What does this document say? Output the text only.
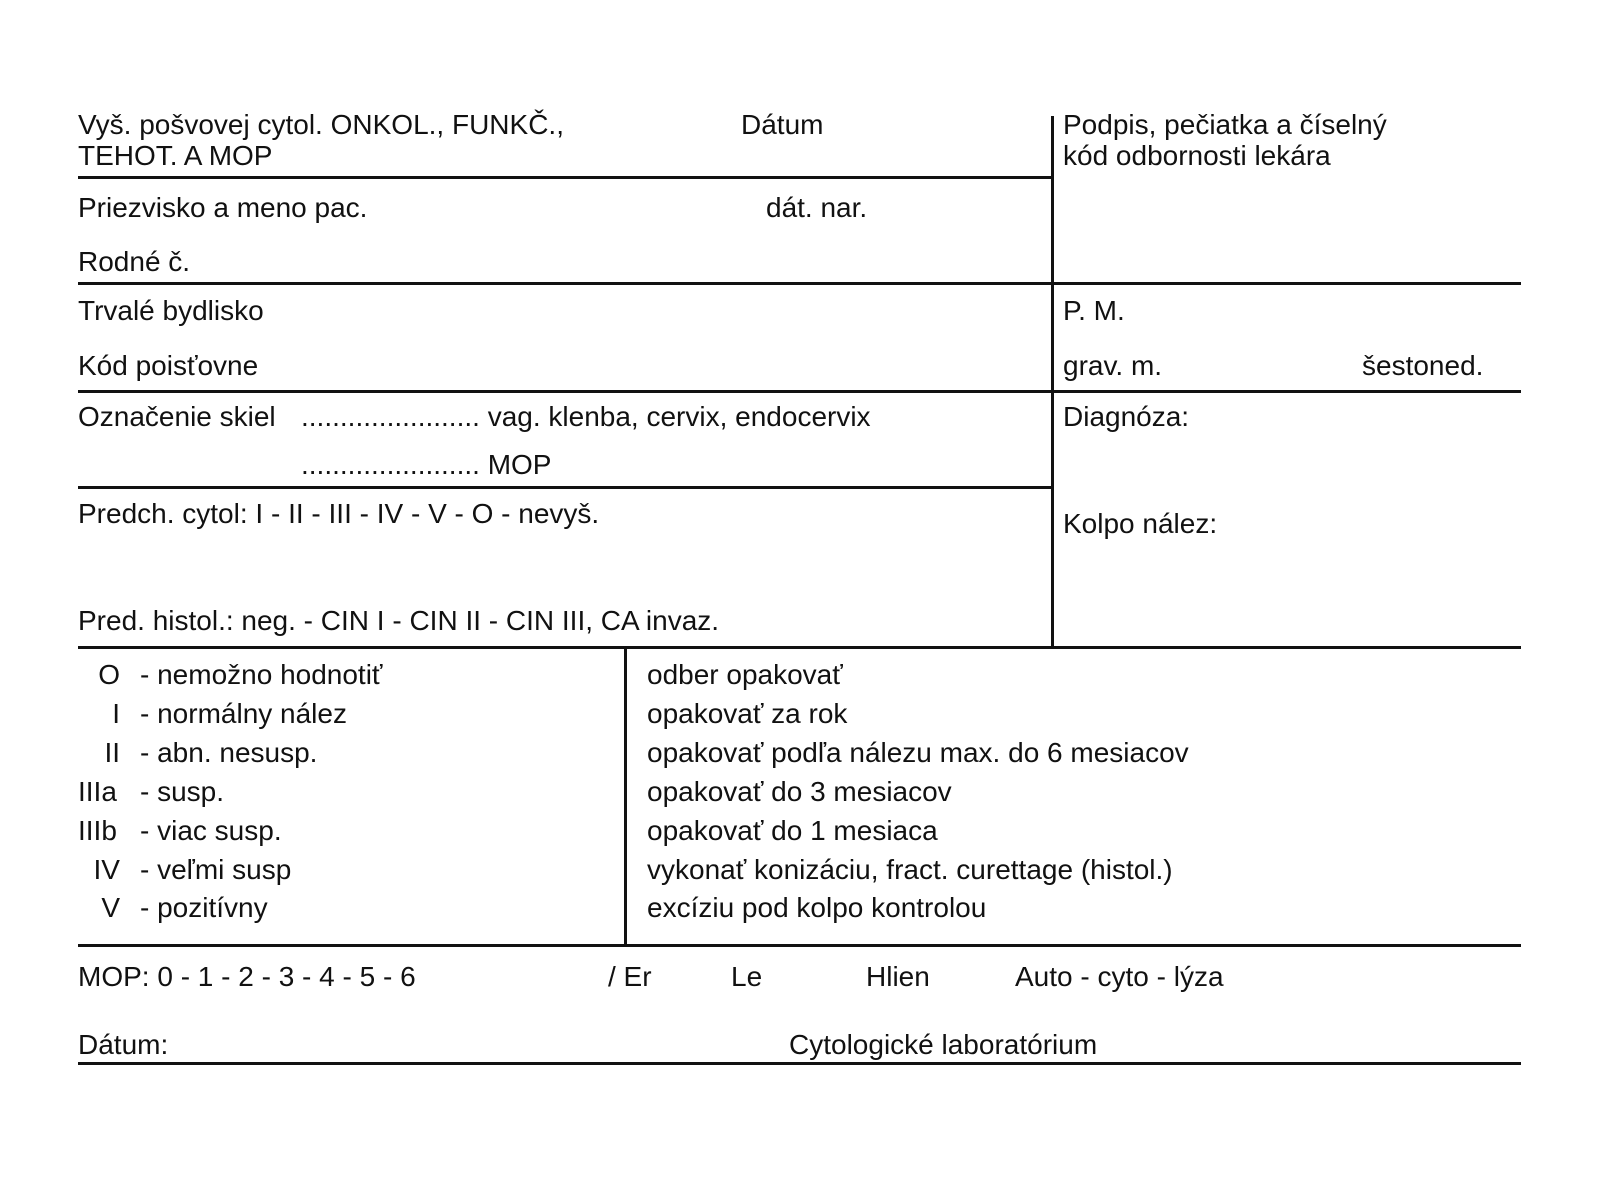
Vyš. pošvovej cytol. ONKOL., FUNKČ.,
TEHOT. A MOP
Dátum	Podpis, pečiatka a číselný
kód odbornosti lekára
Priezvisko a meno pac.	dát. nar.
Rodné č.
Trvalé bydlisko
Kód poisťovne
P. M.
grav. m.	šestoned.
Označenie skiel ....................... vag. klenba, cervix, endocervix
....................... MOP
Diagnóza:
Predch. cytol: I - II - III - IV - V - O - nevyš.	Kolpo nález:
Pred. histol.: neg. - CIN I - CIN II - CIN III, CA invaz.
O - nemožno hodnotiť	odber opakovať
I - normálny nález	opakovať za rok
II - abn. nesusp.	opakovať podľa nálezu max. do 6 mesiacov
IIIa - susp.	opakovať do 3 mesiacov
IIIb - viac susp.	opakovať do 1 mesiaca
IV - veľmi susp	vykonať konizáciu, fract. curettage (histol.)
V - pozitívny	excíziu pod kolpo kontrolou
MOP: 0 - 1 - 2 - 3 - 4 - 5 - 6	/ Er	Le	Hlien	Auto - cyto - lýza
Dátum:	Cytologické laboratórium
